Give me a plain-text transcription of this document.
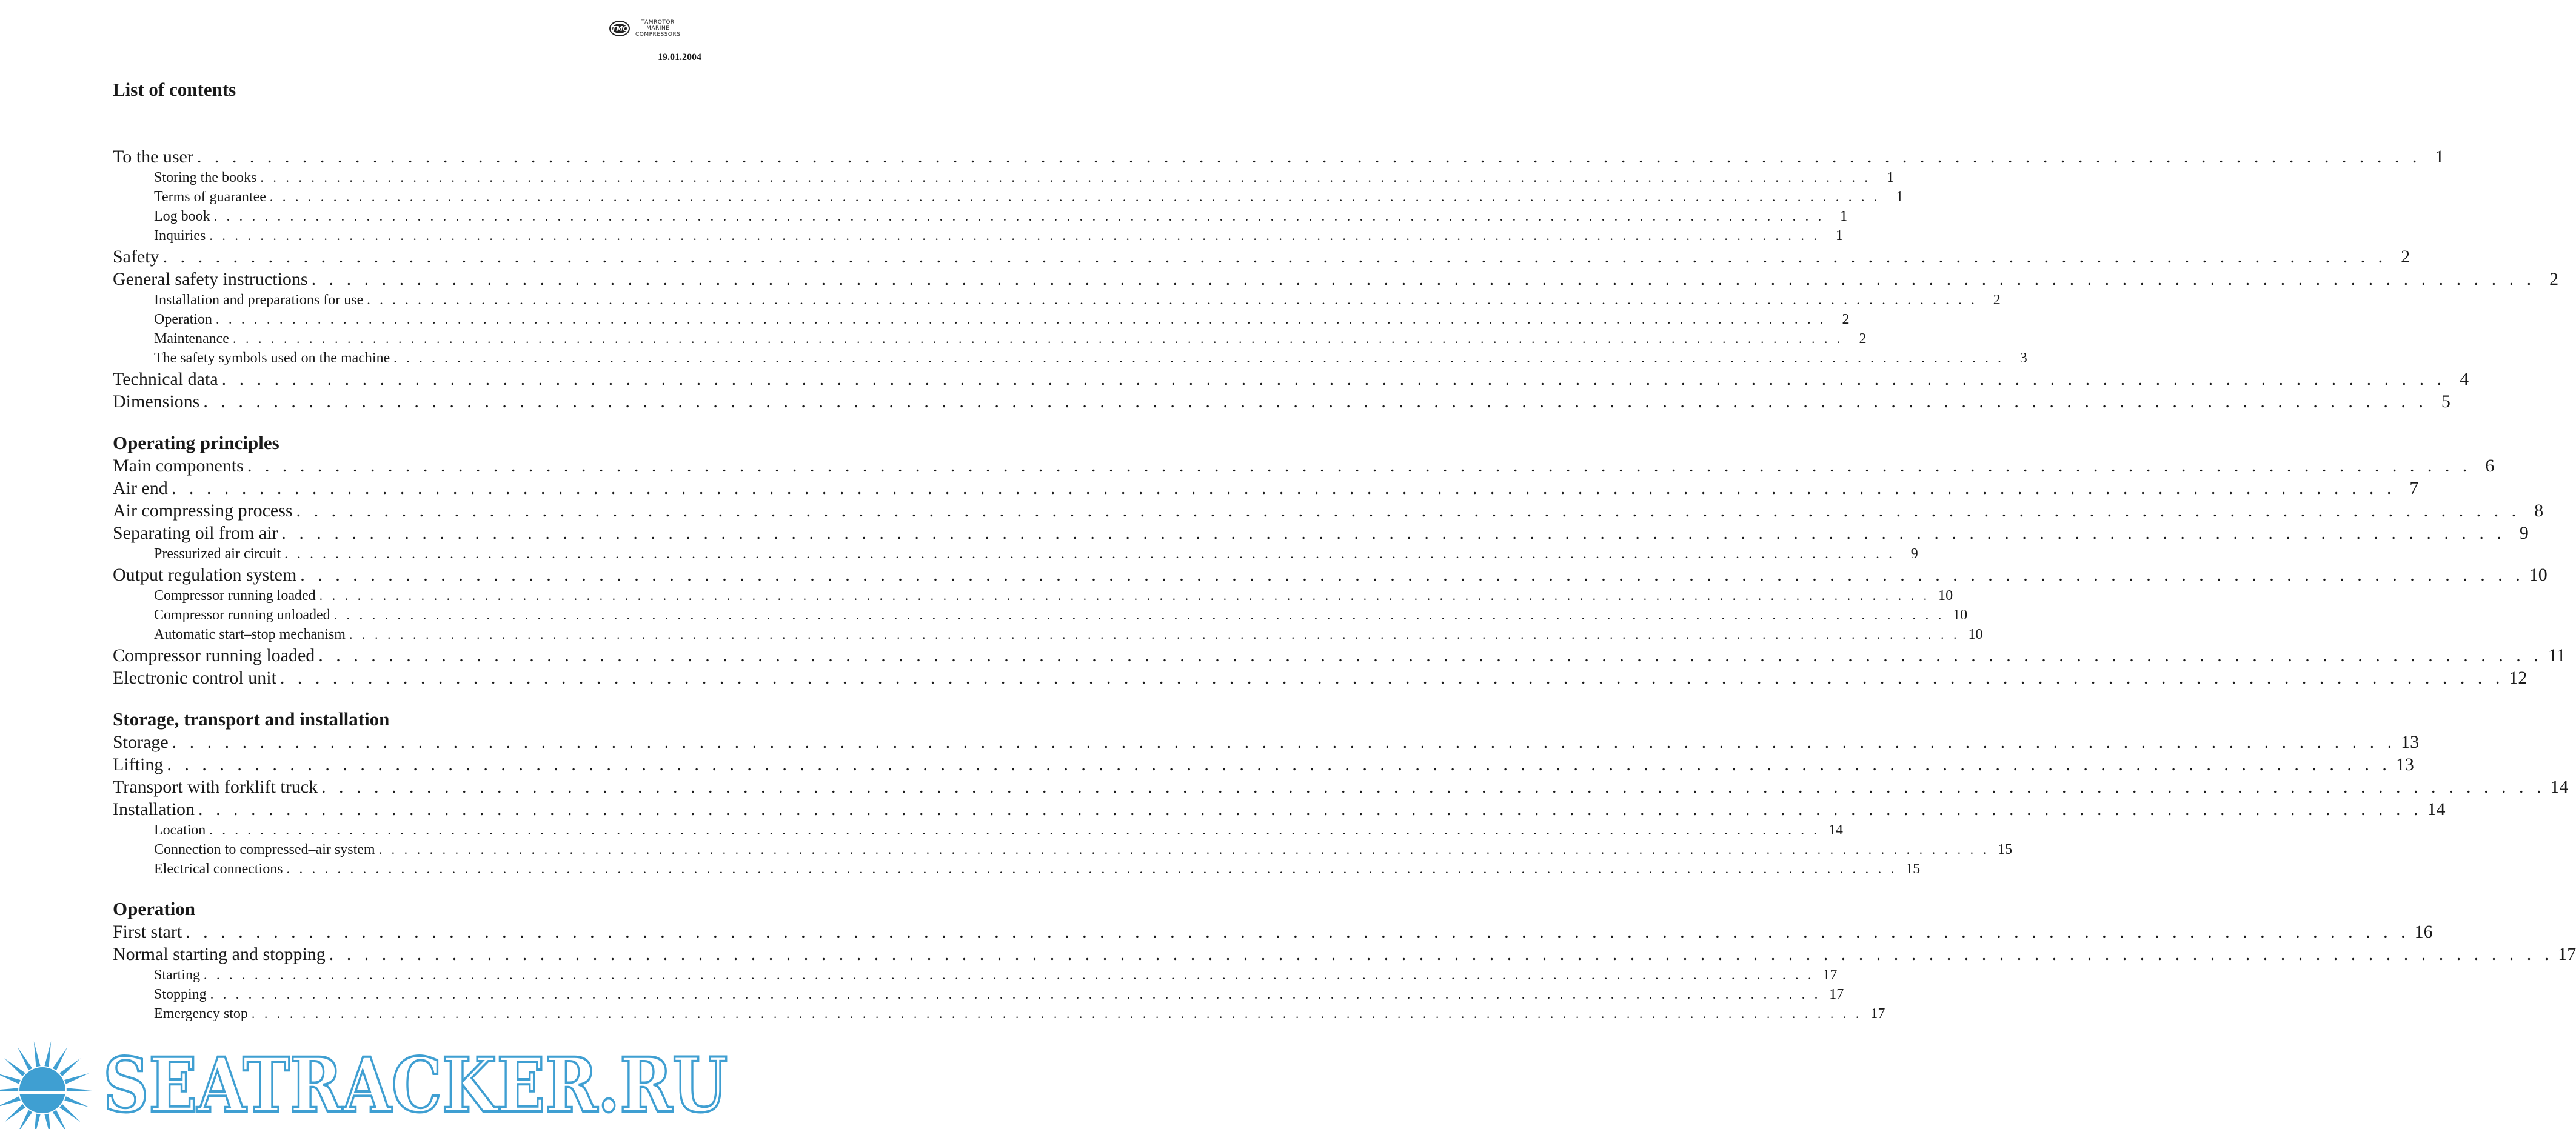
TMC
TAMROTOR
MARINE
COMPRESSORS
19.01.2004
List of contents
To the user . . .	1
Storing the books . . .	1
Terms of guarantee . . .	1
Log book . . .	1
Inquiries . . .	1
Safety . . .	2
General safety instructions . . .	2
Installation and preparations for use . . .	2
Operation . . .	2
Maintenance . . .	2
The safety symbols used on the machine . . .	3
Technical data . . .	4
Dimensions . . .	5
Operating principles
Main components . . .	6
Air end . . .	7
Air compressing process . . .	8
Separating oil from air . . .	9
Pressurized air circuit . . .	9
Output regulation system . . .	10
Compressor running loaded . . .	10
Compressor running unloaded . . .	10
Automatic start–stop mechanism . . .	10
Compressor running loaded . . .	11
Electronic control unit . . .	12
Storage, transport and installation
Storage . . .	13
Lifting . . .	13
Transport with forklift truck . . .	14
Installation . . .	14
Location . . .	14
Connection to compressed–air system . . .	15
Electrical connections . . .	15
Operation
First start . . .	16
Normal starting and stopping . . .	17
Starting . . .	17
Stopping . . .	17
Emergency stop . . .	17
SEATRACKER.RU
